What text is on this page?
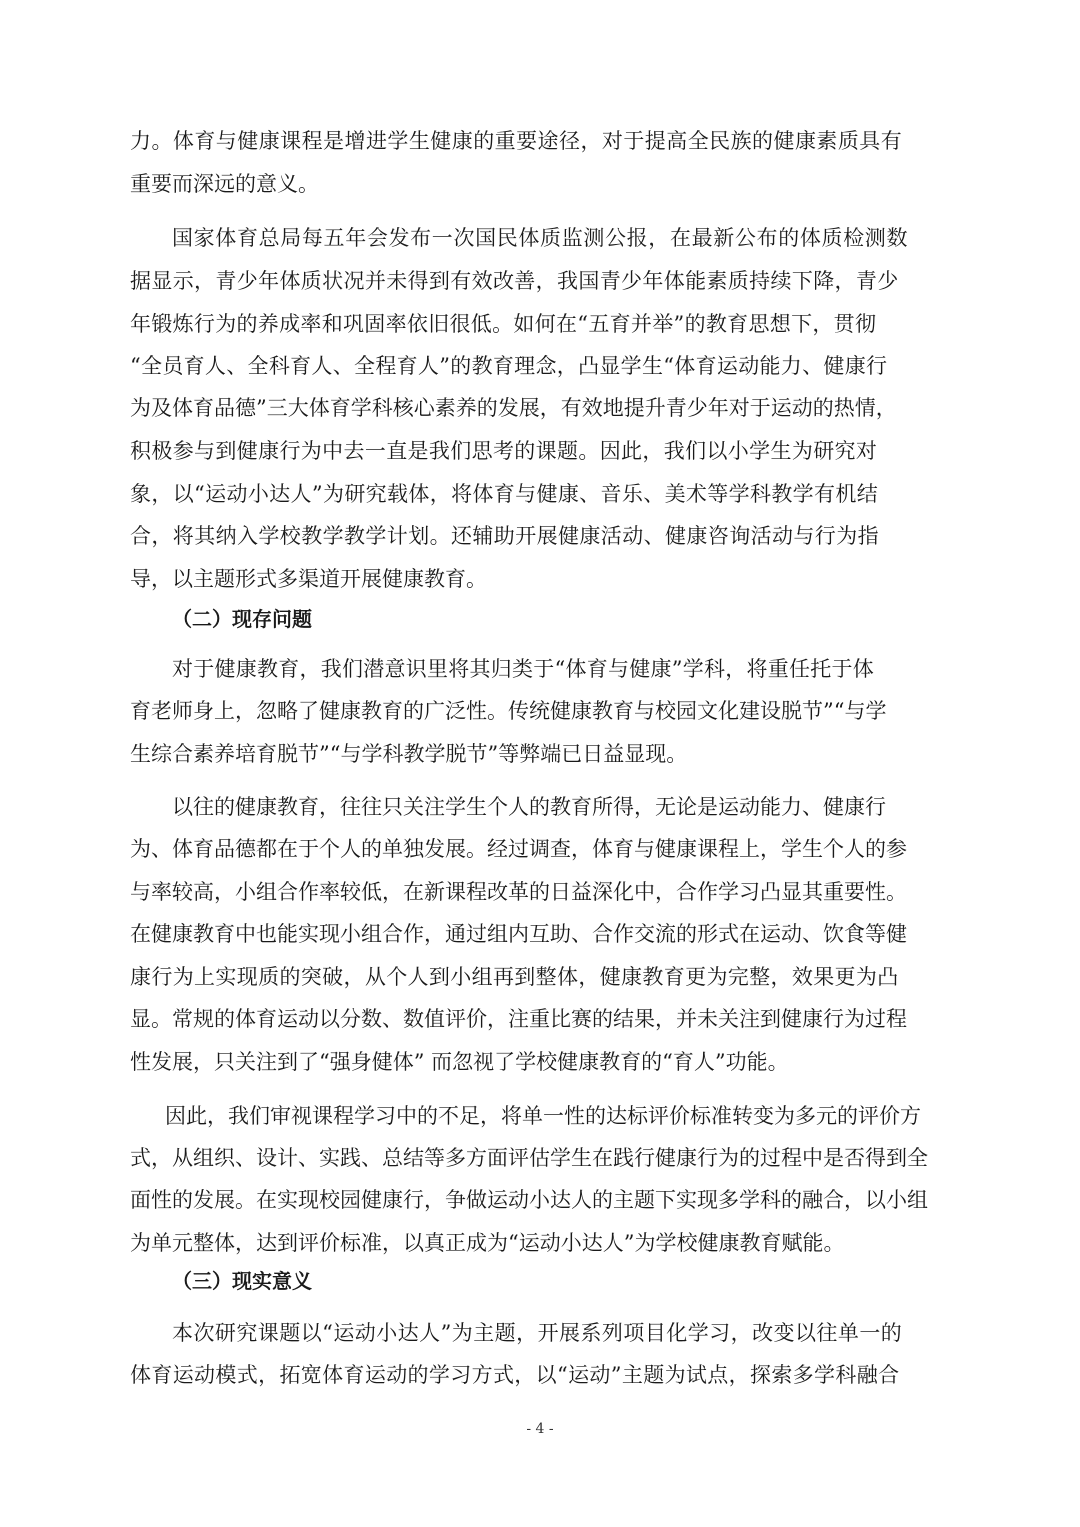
力。体育与健康课程是增进学生健康的重要途径，对于提高全民族的健康素质具有
重要而深远的意义。
国家体育总局每五年会发布一次国民体质监测公报，在最新公布的体质检测数
据显示，青少年体质状况并未得到有效改善，我国青少年体能素质持续下降，青少
年锻炼行为的养成率和巩固率依旧很低。如何在“五育并举”的教育思想下，贯彻
“全员育人、全科育人、全程育人”的教育理念，凸显学生“体育运动能力、健康行
为及体育品德”三大体育学科核心素养的发展，有效地提升青少年对于运动的热情，
积极参与到健康行为中去一直是我们思考的课题。因此，我们以小学生为研究对
象，以“运动小达人”为研究载体，将体育与健康、音乐、美术等学科教学有机结
合，将其纳入学校教学教学计划。还辅助开展健康活动、健康咨询活动与行为指
导，以主题形式多渠道开展健康教育。
（二）现存问题
对于健康教育，我们潜意识里将其归类于“体育与健康”学科，将重任托于体
育老师身上，忽略了健康教育的广泛性。传统健康教育与校园文化建设脱节”“与学
生综合素养培育脱节”“与学科教学脱节”等弊端已日益显现。
以往的健康教育，往往只关注学生个人的教育所得，无论是运动能力、健康行
为、体育品德都在于个人的单独发展。经过调查，体育与健康课程上，学生个人的参
与率较高，小组合作率较低，在新课程改革的日益深化中，合作学习凸显其重要性。
在健康教育中也能实现小组合作，通过组内互助、合作交流的形式在运动、饮食等健
康行为上实现质的突破，从个人到小组再到整体，健康教育更为完整，效果更为凸
显。常规的体育运动以分数、数值评价，注重比赛的结果，并未关注到健康行为过程
性发展，只关注到了“强身健体” 而忽视了学校健康教育的“育人”功能。
因此，我们审视课程学习中的不足，将单一性的达标评价标准转变为多元的评价方
式，从组织、设计、实践、总结等多方面评估学生在践行健康行为的过程中是否得到全
面性的发展。在实现校园健康行，争做运动小达人的主题下实现多学科的融合，以小组
为单元整体，达到评价标准，以真正成为“运动小达人”为学校健康教育赋能。
（三）现实意义
本次研究课题以“运动小达人”为主题，开展系列项目化学习，改变以往单一的
体育运动模式，拓宽体育运动的学习方式，以“运动”主题为试点，探索多学科融合
- 4 -
